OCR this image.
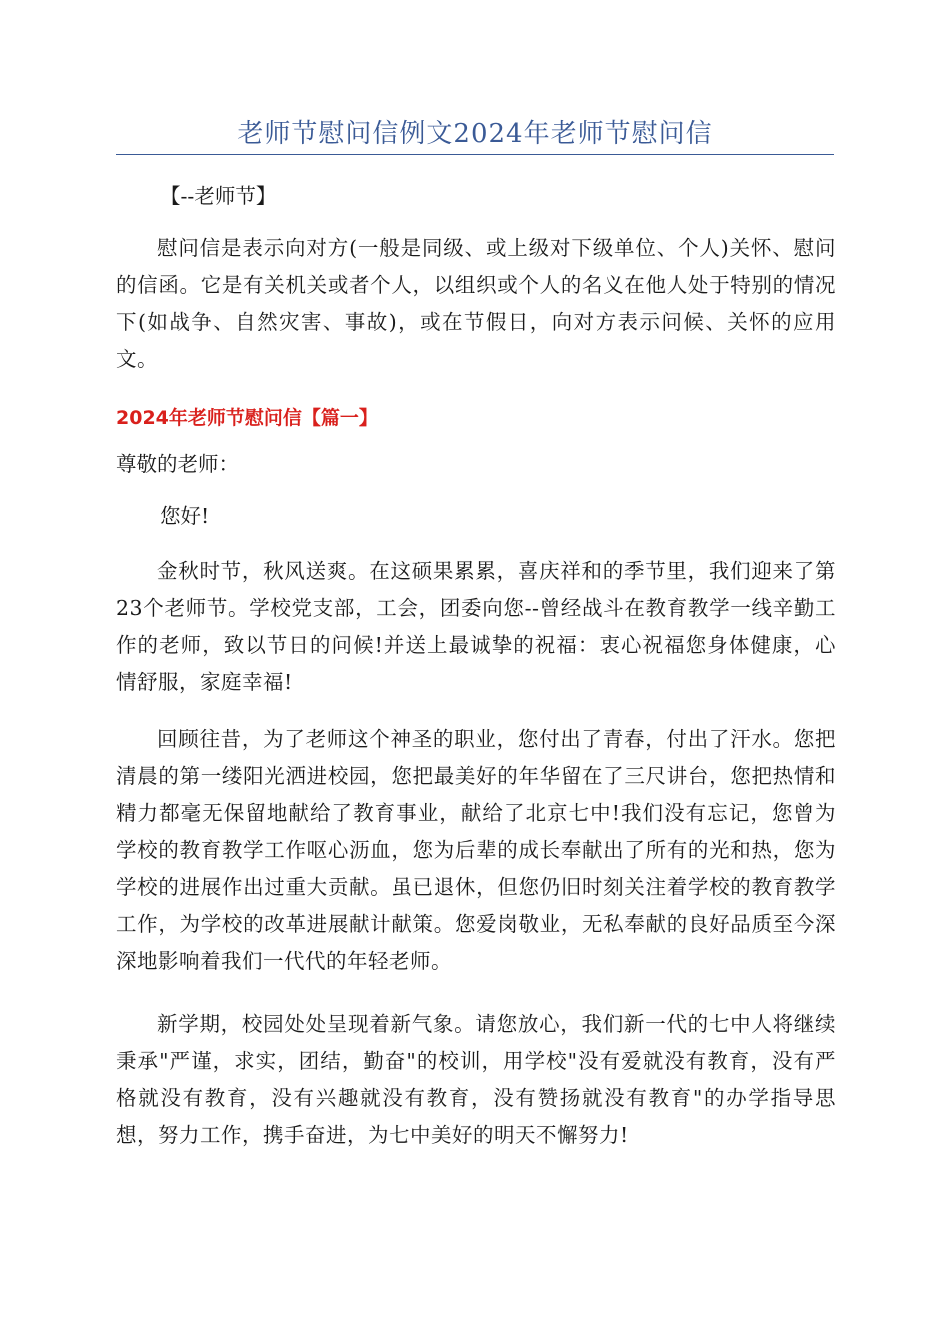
老师节慰问信例文2024年老师节慰问信
【--老师节】

慰问信是表示向对方(一般是同级、或上级对下级单位、个人)关怀、慰问的信函。它是有关机关或者个人，以组织或个人的名义在他人处于特别的情况下(如战争、自然灾害、事故)，或在节假日，向对方表示问候、关怀的应用文。

2024年老师节慰问信【篇一】
尊敬的老师：
您好!

金秋时节，秋风送爽。在这硕果累累，喜庆祥和的季节里，我们迎来了第23个老师节。学校党支部，工会，团委向您--曾经战斗在教育教学一线辛勤工作的老师，致以节日的问候!并送上最诚挚的祝福：衷心祝福您身体健康，心情舒服，家庭幸福!

回顾往昔，为了老师这个神圣的职业，您付出了青春，付出了汗水。您把清晨的第一缕阳光洒进校园，您把最美好的年华留在了三尺讲台，您把热情和精力都毫无保留地献给了教育事业，献给了北京七中!我们没有忘记，您曾为学校的教育教学工作呕心沥血，您为后辈的成长奉献出了所有的光和热，您为学校的进展作出过重大贡献。虽已退休，但您仍旧时刻关注着学校的教育教学工作，为学校的改革进展献计献策。您爱岗敬业，无私奉献的良好品质至今深深地影响着我们一代代的年轻老师。

新学期，校园处处呈现着新气象。请您放心，我们新一代的七中人将继续秉承"严谨，求实，团结，勤奋"的校训，用学校"没有爱就没有教育，没有严格就没有教育，没有兴趣就没有教育，没有赞扬就没有教育"的办学指导思想，努力工作，携手奋进，为七中美好的明天不懈努力!
